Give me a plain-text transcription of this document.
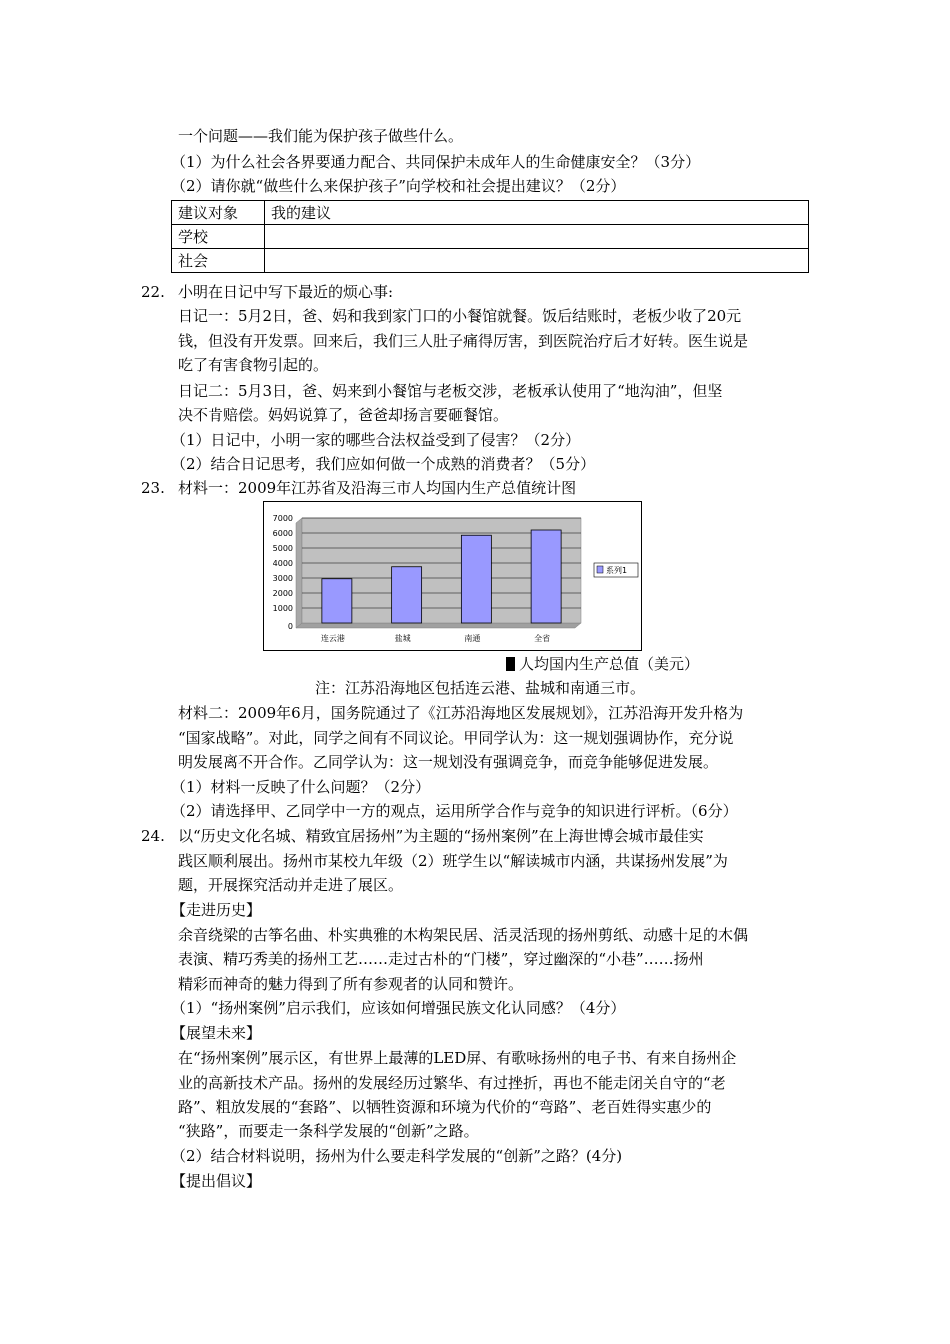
一个问题——我们能为保护孩子做些什么。
（1）为什么社会各界要通力配合、共同保护未成年人的生命健康安全？（3分）
（2）请你就“做些什么来保护孩子”向学校和社会提出建议？（2分）
建议对象	我的建议
学校	
社会	
22. 小明在日记中写下最近的烦心事:
日记一：5月2日，爸、妈和我到家门口的小餐馆就餐。饭后结账时，老板少收了20元
钱，但没有开发票。回来后，我们三人肚子痛得厉害，到医院治疗后才好转。医生说是
吃了有害食物引起的。
日记二：5月3日，爸、妈来到小餐馆与老板交涉，老板承认使用了“地沟油”，但坚
决不肯赔偿。妈妈说算了，爸爸却扬言要砸餐馆。
（1）日记中，小明一家的哪些合法权益受到了侵害？（2分）
（2）结合日记思考，我们应如何做一个成熟的消费者？（5分）
23. 材料一：2009年江苏省及沿海三市人均国内生产总值统计图
0
1000
2000
3000
4000
5000
6000
7000
连云港	盐城	南通	全省
系列1
人均国内生产总值（美元）
注：江苏沿海地区包括连云港、盐城和南通三市。
材料二：2009年6月，国务院通过了《江苏沿海地区发展规划》，江苏沿海开发升格为
“国家战略”。对此，同学之间有不同议论。甲同学认为：这一规划强调协作，充分说
明发展离不开合作。乙同学认为：这一规划没有强调竞争，而竞争能够促进发展。
（1）材料一反映了什么问题？（2分）
（2）请选择甲、乙同学中一方的观点，运用所学合作与竞争的知识进行评析。（6分）
24. 以“历史文化名城、精致宜居扬州”为主题的“扬州案例”在上海世博会城市最佳实
践区顺利展出。扬州市某校九年级（2）班学生以“解读城市内涵，共谋扬州发展”为
题，开展探究活动并走进了展区。
【走进历史】
余音绕梁的古筝名曲、朴实典雅的木构架民居、活灵活现的扬州剪纸、动感十足的木偶
表演、精巧秀美的扬州工艺……走过古朴的“门楼”，穿过幽深的“小巷”……扬州
精彩而神奇的魅力得到了所有参观者的认同和赞许。
（1）“扬州案例”启示我们，应该如何增强民族文化认同感？（4分）
【展望未来】
在“扬州案例”展示区，有世界上最薄的LED屏、有歌咏扬州的电子书、有来自扬州企
业的高新技术产品。扬州的发展经历过繁华、有过挫折，再也不能走闭关自守的“老
路”、粗放发展的“套路”、以牺牲资源和环境为代价的“弯路”、老百姓得实惠少的
“狭路”，而要走一条科学发展的“创新”之路。
（2）结合材料说明，扬州为什么要走科学发展的“创新”之路？(4分)
【提出倡议】
